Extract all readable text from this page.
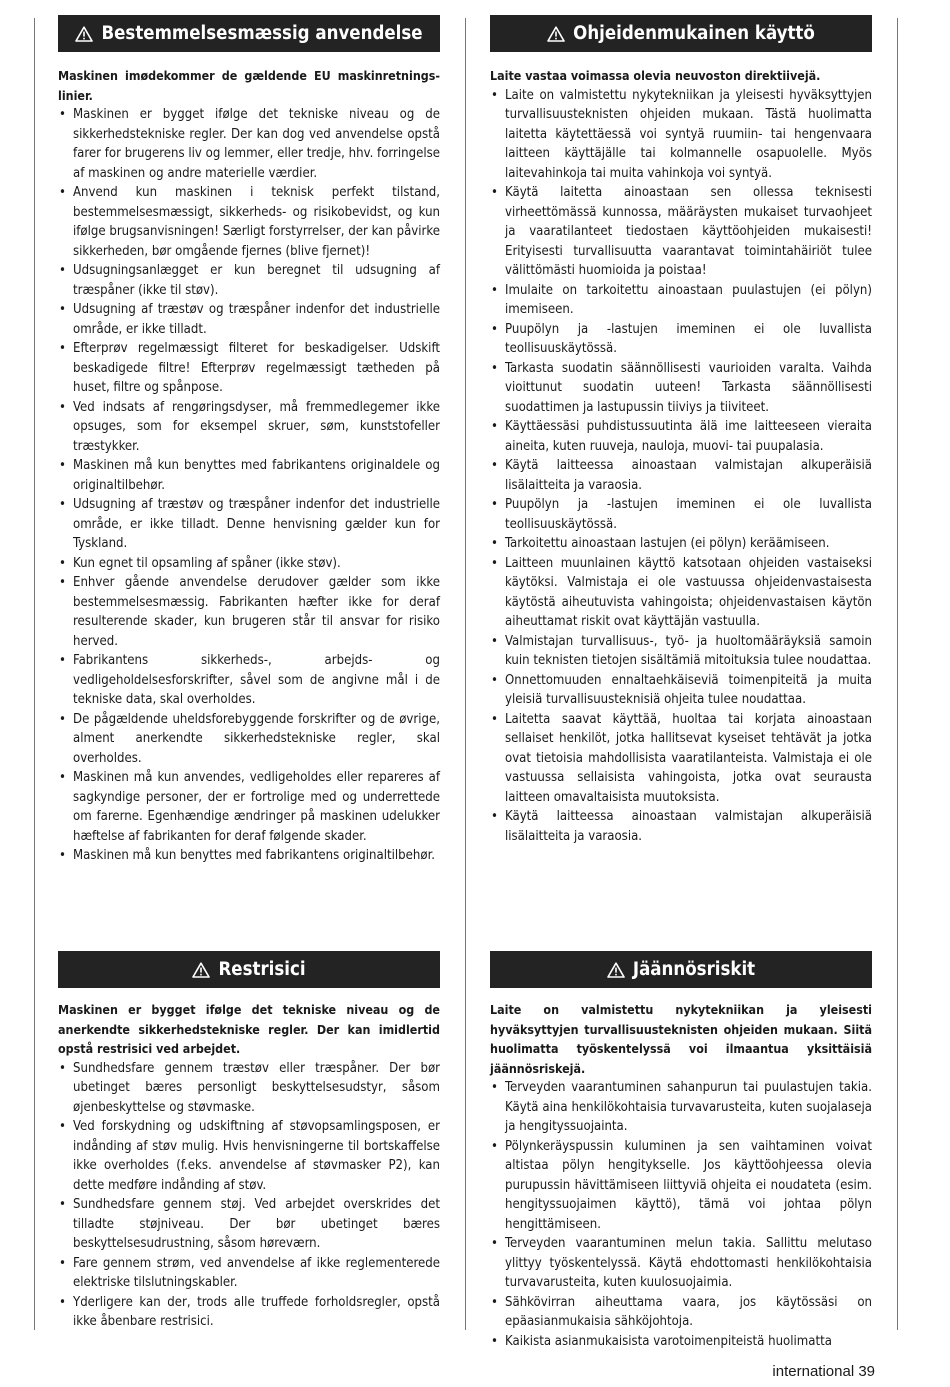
Bestemmelsesmæssig anvendelse

Maskinen imødekommer de gældende EU maskinretnings-linier.

• Maskinen er bygget ifølge det tekniske niveau og de sikkerhedstekniske regler. Der kan dog ved anvendelse opstå farer for brugerens liv og lemmer, eller tredje, hhv. forringelse af maskinen og andre materielle værdier.
• Anvend kun maskinen i teknisk perfekt tilstand, bestemmelsesmæssigt, sikkerheds- og risikobevidst, og kun ifølge brugsanvisningen! Særligt forstyrrelser, der kan påvirke sikkerheden, bør omgående fjernes (blive fjernet)!
• Udsugningsanlægget er kun beregnet til udsugning af træspåner (ikke til støv).
• Udsugning af træstøv og træspåner indenfor det industrielle område, er ikke tilladt.
• Efterprøv regelmæssigt filteret for beskadigelser. Udskift beskadigede filtre! Efterprøv regelmæssigt tætheden på huset, filtre og spånpose.
• Ved indsats af rengøringsdyser, må fremmedlegemer ikke opsuges, som for eksempel skruer, søm, kunststofeller træstykker.
• Maskinen må kun benyttes med fabrikantens originaldele og originaltilbehør.
• Udsugning af træstøv og træspåner indenfor det industrielle område, er ikke tilladt. Denne henvisning gælder kun for Tyskland.
• Kun egnet til opsamling af spåner (ikke støv).
• Enhver gående anvendelse derudover gælder som ikke bestemmelsesmæssig. Fabrikanten hæfter ikke for deraf resulterende skader, kun brugeren står til ansvar for risiko herved.
• Fabrikantens sikkerheds-, arbejds- og vedligeholdelsesforskrifter, såvel som de angivne mål i de tekniske data, skal overholdes.
• De pågældende uheldsforebyggende forskrifter og de øvrige, alment anerkendte sikkerhedstekniske regler, skal overholdes.
• Maskinen må kun anvendes, vedligeholdes eller repareres af sagkyndige personer, der er fortrolige med og underrettede om farerne. Egenhændige ændringer på maskinen udelukker hæftelse af fabrikanten for deraf følgende skader.
• Maskinen må kun benyttes med fabrikantens originaltilbehør.
Restrisici

Maskinen er bygget ifølge det tekniske niveau og de anerkendte sikkerhedstekniske regler. Der kan imidlertid opstå restrisici ved arbejdet.

• Sundhedsfare gennem træstøv eller træspåner. Der bør ubetinget bæres personligt beskyttelsesudstyr, såsom øjenbeskyttelse og støvmaske.
• Ved forskydning og udskiftning af støvopsamlingsposen, er indånding af støv mulig. Hvis henvisningerne til bortskaffelse ikke overholdes (f.eks. anvendelse af støvmasker P2), kan dette medføre indånding af støv.
• Sundhedsfare gennem støj. Ved arbejdet overskrides det tilladte støjniveau. Der bør ubetinget bæres beskyttelsesudrustning, såsom høreværn.
• Fare gennem strøm, ved anvendelse af ikke reglementerede elektriske tilslutningskabler.
• Yderligere kan der, trods alle truffede forholdsregler, opstå ikke åbenbare restrisici.
Ohjeidenmukainen käyttö

Laite vastaa voimassa olevia neuvoston direktiivejä.

• Laite on valmistettu nykytekniikan ja yleisesti hyväksyttyjen turvallisuusteknisten ohjeiden mukaan. Tästä huolimatta laitetta käytettäessä voi syntyä ruumiin- tai hengenvaara laitteen käyttäjälle tai kolmannelle osapuolelle. Myös laitevahinkoja tai muita vahinkoja voi syntyä.
• Käytä laitetta ainoastaan sen ollessa teknisesti virheettömässä kunnossa, määräysten mukaiset turvaohjeet ja vaaratilanteet tiedostaen käyttöohjeiden mukaisesti! Erityisesti turvallisuutta vaarantavat toimintahäiriöt tulee välittömästi huomioida ja poistaa!
• Imulaite on tarkoitettu ainoastaan puulastujen (ei pölyn) imemiseen.
• Puupölyn ja -lastujen imeminen ei ole luvallista teollisuuskäytössä.
• Tarkasta suodatin säännöllisesti vaurioiden varalta. Vaihda vioittunut suodatin uuteen! Tarkasta säännöllisesti suodattimen ja lastupussin tiiviys ja tiiviteet.
• Käyttäessäsi puhdistussuutinta älä ime laitteeseen vieraita aineita, kuten ruuveja, nauloja, muovi- tai puupalasia.
• Käytä laitteessa ainoastaan valmistajan alkuperäisiä lisälaitteita ja varaosia.
• Puupölyn ja -lastujen imeminen ei ole luvallista teollisuuskäytössä.
• Tarkoitettu ainoastaan lastujen (ei pölyn) keräämiseen.
• Laitteen muunlainen käyttö katsotaan ohjeiden vastaiseksi käytöksi. Valmistaja ei ole vastuussa ohjeidenvastaisesta käytöstä aiheutuvista vahingoista; ohjeidenvastaisen käytön aiheuttamat riskit ovat käyttäjän vastuulla.
• Valmistajan turvallisuus-, työ- ja huoltomääräyksiä samoin kuin teknisten tietojen sisältämiä mitoituksia tulee noudattaa.
• Onnettomuuden ennaltaehkäiseviä toimenpiteitä ja muita yleisiä turvallisuusteknisiä ohjeita tulee noudattaa.
• Laitetta saavat käyttää, huoltaa tai korjata ainoastaan sellaiset henkilöt, jotka hallitsevat kyseiset tehtävät ja jotka ovat tietoisia mahdollisista vaaratilanteista. Valmistaja ei ole vastuussa sellaisista vahingoista, jotka ovat seurausta laitteen omavaltaisista muutoksista.
• Käytä laitteessa ainoastaan valmistajan alkuperäisiä lisälaitteita ja varaosia.
Jäännösriskit

Laite on valmistettu nykytekniikan ja yleisesti hyväksyttyjen turvallisuusteknisten ohjeiden mukaan. Siitä huolimatta työskentelyssä voi ilmaantua yksittäisiä jäännösriskejä.

• Terveyden vaarantuminen sahanpurun tai puulastujen takia. Käytä aina henkilökohtaisia turvavarusteita, kuten suojalaseja ja hengityssuojainta.
• Pölynkeräyspussin kuluminen ja sen vaihtaminen voivat altistaa pölyn hengitykselle. Jos käyttöohjeessa olevia purupussin hävittämiseen liittyviä ohjeita ei noudateta (esim. hengityssuojaimen käyttö), tämä voi johtaa pölyn hengittämiseen.
• Terveyden vaarantuminen melun takia. Sallittu melutaso ylittyy työskentelyssä. Käytä ehdottomasti henkilökohtaisia turvavarusteita, kuten kuulosuojaimia.
• Sähkövirran aiheuttama vaara, jos käytössäsi on epäasianmukaisia sähköjohtoja.
• Kaikista asianmukaisista varotoimenpiteistä huolimatta
international 39
